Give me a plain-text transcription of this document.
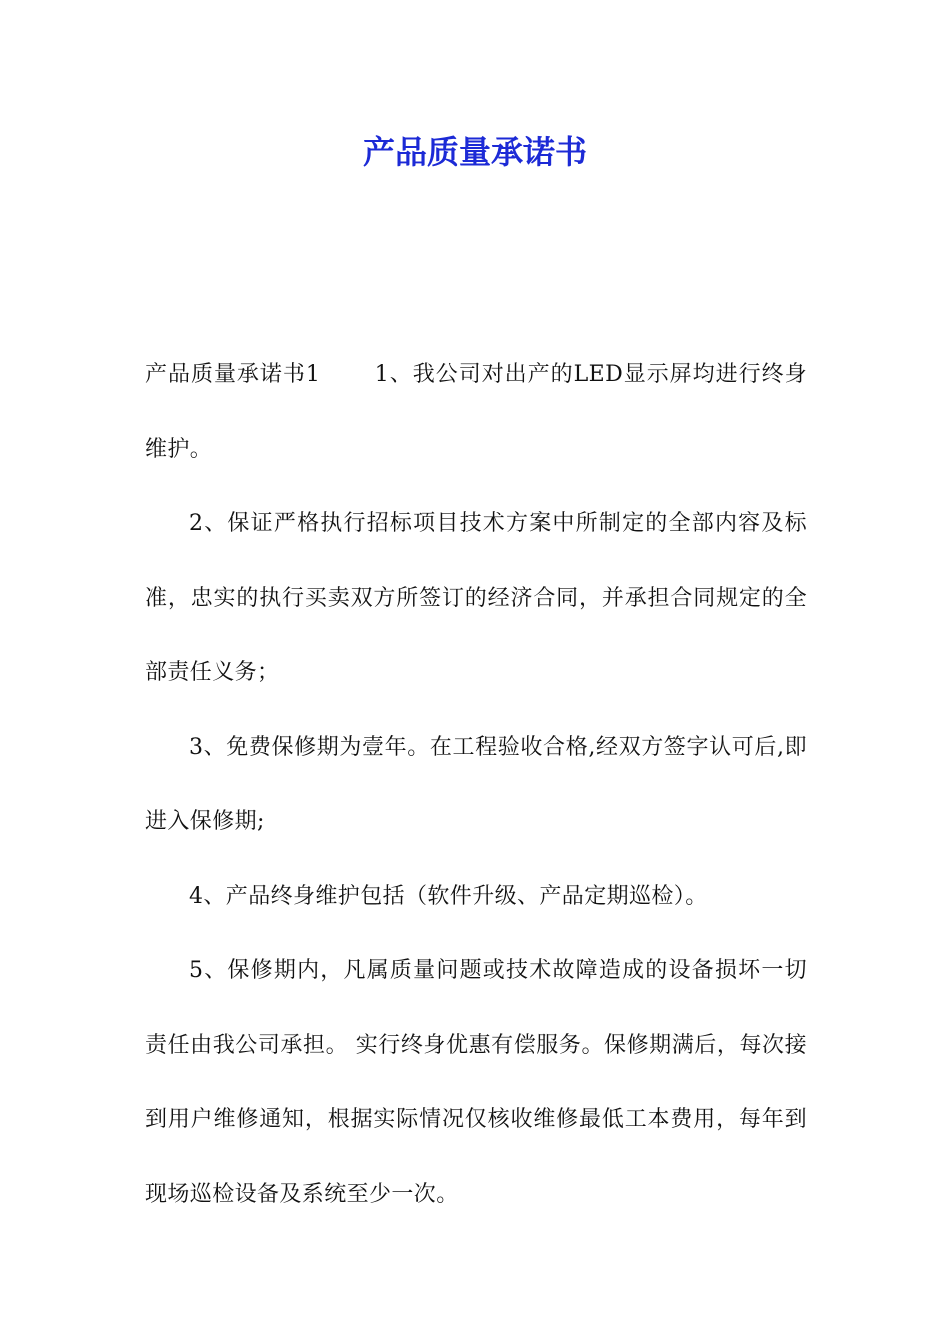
产品质量承诺书

产品质量承诺书1　　 1、我公司对出产的LED显示屏均进行终身维护。

2、保证严格执行招标项目技术方案中所制定的全部内容及标准，忠实的执行买卖双方所签订的经济合同，并承担合同规定的全部责任义务；

3、免费保修期为壹年。在工程验收合格,经双方签字认可后,即进入保修期;

4、产品终身维护包括（软件升级、产品定期巡检）。

5、保修期内，凡属质量问题或技术故障造成的设备损坏一切责任由我公司承担。 实行终身优惠有偿服务。保修期满后，每次接到用户维修通知，根据实际情况仅核收维修最低工本费用，每年到现场巡检设备及系统至少一次。
